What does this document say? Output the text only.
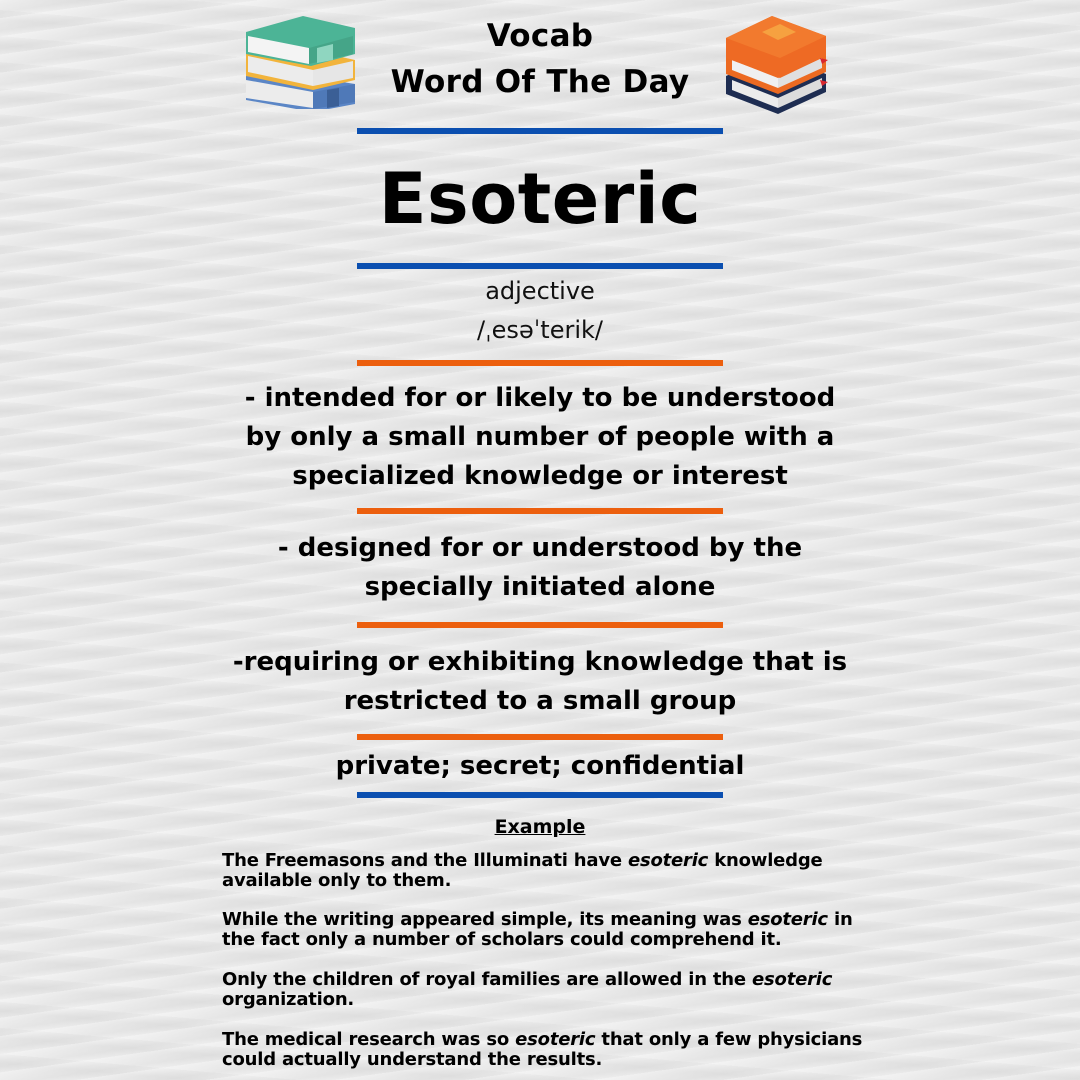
Vocab
Word Of The Day
Esoteric
adjective
/ˌesəˈterik/
- intended for or likely to be understood
by only a small number of people with a
specialized knowledge or interest
- designed for or understood by the
specially initiated alone
-requiring or exhibiting knowledge that is
restricted to a small group
private; secret; confidential
Example
The Freemasons and the Illuminati have esoteric knowledge available only to them.
While the writing appeared simple, its meaning was esoteric in the fact only a number of scholars could comprehend it.
Only the children of royal families are allowed in the esoteric organization.
The medical research was so esoteric that only a few physicians could actually understand the results.
